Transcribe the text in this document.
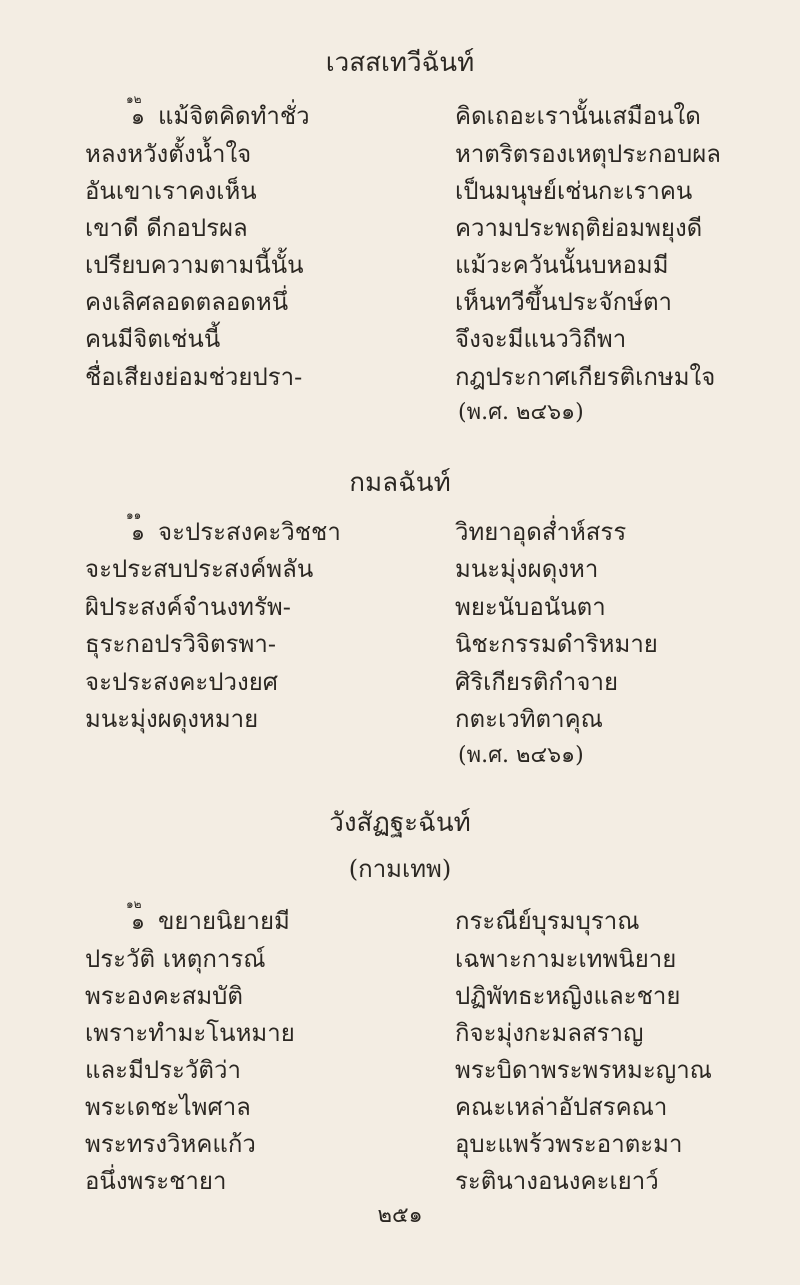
เวสสเทวีฉันท์
๑๒
๑ แม้จิตคิดทำชั่ว	คิดเถอะเรานั้นเสมือนใด
หลงหวังตั้งน้ำใจ	หาตริตรองเหตุประกอบผล
อันเขาเราคงเห็น	เป็นมนุษย์เช่นกะเราคน
เขาดี ดีกอปรผล	ความประพฤติย่อมพยุงดี
เปรียบความตามนี้นั้น	แม้วะควันนั้นบหอมมี
คงเลิศลอดตลอดหนึ่	เห็นทวีขึ้นประจักษ์ตา
คนมีจิตเช่นนี้	จึงจะมีแนววิถีพา
ชื่อเสียงย่อมช่วยปรา-	กฎประกาศเกียรติเกษมใจ
(พ.ศ. ๒๔๖๑)
กมลฉันท์
๑๑
๑ จะประสงคะวิชชา	วิทยาอุดส่ำห์สรร
จะประสบประสงค์พลัน	มนะมุ่งผดุงหา
ผิประสงค์จำนงทรัพ-	พยะนับอนันตา
ธุระกอปรวิจิตรพา-	นิชะกรรมดำริหมาย
จะประสงคะปวงยศ	ศิริเกียรติกำจาย
มนะมุ่งผดุงหมาย	กตะเวทิตาคุณ
(พ.ศ. ๒๔๖๑)
วังสัฏฐะฉันท์
(กามเทพ)
๑๒
๑ ขยายนิยายมี	กระณีย์บุรมบุราณ
ประวัติ เหตุการณ์	เฉพาะกามะเทพนิยาย
พระองคะสมบัติ	ปฏิพัทธะหญิงและชาย
เพราะทำมะโนหมาย	กิจะมุ่งกะมลสราญ
และมีประวัติว่า	พระบิดาพระพรหมะญาณ
พระเดชะไพศาล	คณะเหล่าอัปสรคณา
พระทรงวิหคแก้ว	อุบะแพร้วพระอาตะมา
อนึ่งพระชายา	ระตินางอนงคะเยาว์
๒๕๑
